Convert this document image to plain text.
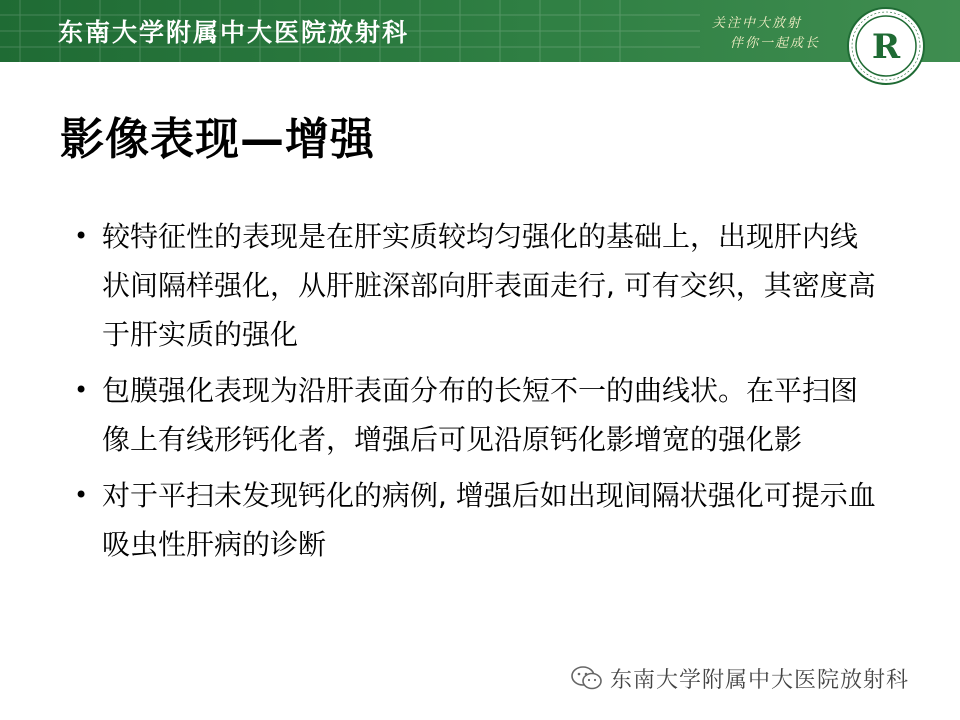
东南大学附属中大医院放射科	关注中大放射
伴你一起成长 R
影像表现—增强
• 较特征性的表现是在肝实质较均匀强化的基础上，出现肝内线状间隔样强化，从肝脏深部向肝表面走行, 可有交织，其密度高于肝实质的强化
• 包膜强化表现为沿肝表面分布的长短不一的曲线状。在平扫图像上有线形钙化者，增强后可见沿原钙化影增宽的强化影
• 对于平扫未发现钙化的病例, 增强后如出现间隔状强化可提示血吸虫性肝病的诊断
东南大学附属中大医院放射科
